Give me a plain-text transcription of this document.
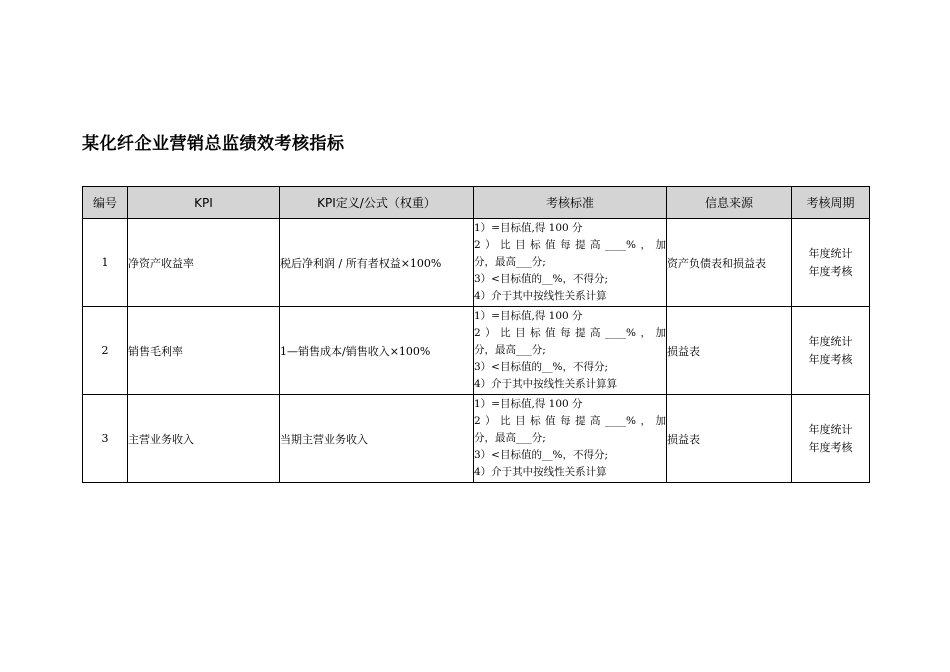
某化纤企业营销总监绩效考核指标
编号	KPI	KPI定义/公式（权重）	考核标准	信息来源	考核周期
1	净资产收益率	税后净利润 / 所有者权益×100%	1）=目标值,得 100 分
2）比目标值每提高____%，加
分，最高___分;
3）<目标值的__%，不得分;
4）介于其中按线性关系计算	资产负债表和损益表	年度统计
年度考核

2	销售毛利率	1—销售成本/销售收入×100%	1）=目标值,得 100 分
2）比目标值每提高____%，加
分，最高___分;
3）<目标值的__%，不得分;
4）介于其中按线性关系计算算	损益表	年度统计
年度考核

3	主营业务收入	当期主营业务收入	1）=目标值,得 100 分
2）比目标值每提高____%，加
分，最高___分;
3）<目标值的__%，不得分;
4）介于其中按线性关系计算	损益表	年度统计
年度考核
